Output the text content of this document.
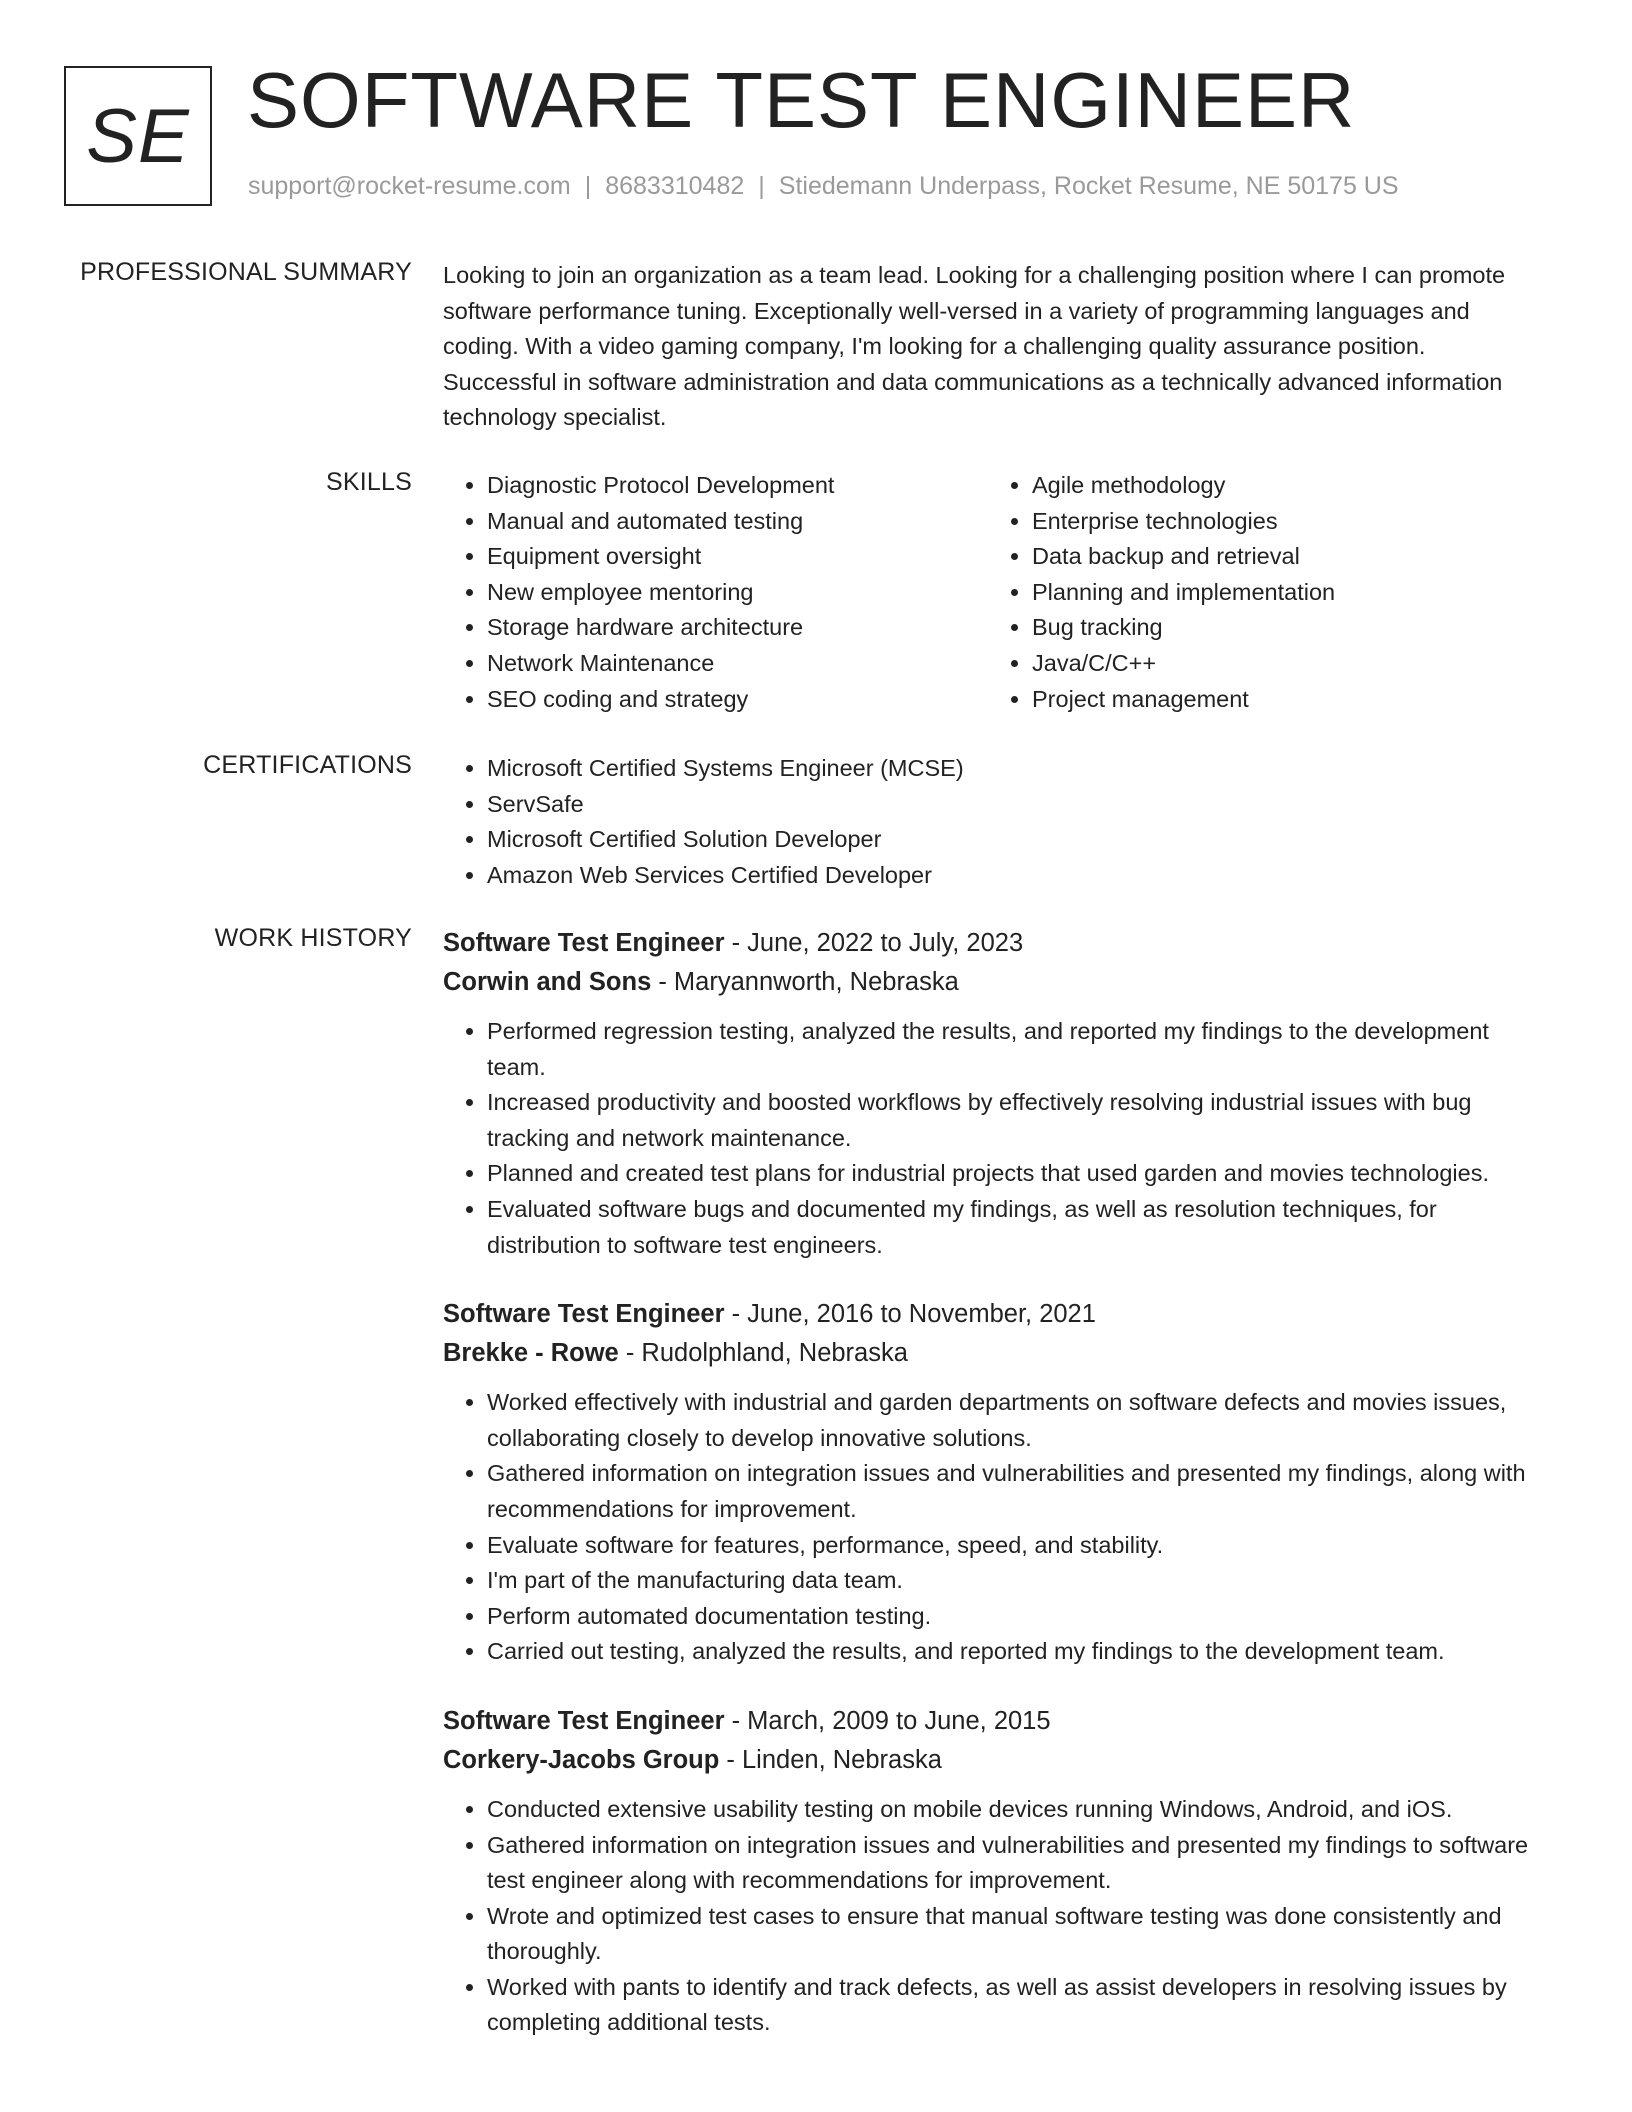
SE SOFTWARE TEST ENGINEER
support@rocket-resume.com | 8683310482 | Stiedemann Underpass, Rocket Resume, NE 50175 US
PROFESSIONAL SUMMARY Looking to join an organization as a team lead. Looking for a challenging position where I can promote software performance tuning. Exceptionally well-versed in a variety of programming languages and coding. With a video gaming company, I'm looking for a challenging quality assurance position. Successful in software administration and data communications as a technically advanced information technology specialist.

SKILLS	• Diagnostic Protocol Development
• Manual and automated testing
• Equipment oversight
• New employee mentoring
• Storage hardware architecture
• Network Maintenance
• SEO coding and strategy
• Agile methodology
• Enterprise technologies
• Data backup and retrieval
• Planning and implementation
• Bug tracking
• Java/C/C++
• Project management
CERTIFICATIONS	• Microsoft Certified Systems Engineer (MCSE)
• ServSafe
• Microsoft Certified Solution Developer
• Amazon Web Services Certified Developer
WORK HISTORY Software Test Engineer - June, 2022 to July, 2023
Corwin and Sons - Maryannworth, Nebraska
• Performed regression testing, analyzed the results, and reported my findings to the development team.
• Increased productivity and boosted workflows by effectively resolving industrial issues with bug tracking and network maintenance.
• Planned and created test plans for industrial projects that used garden and movies technologies.
• Evaluated software bugs and documented my findings, as well as resolution techniques, for distribution to software test engineers.
Software Test Engineer - June, 2016 to November, 2021
Brekke - Rowe - Rudolphland, Nebraska
• Worked effectively with industrial and garden departments on software defects and movies issues, collaborating closely to develop innovative solutions.
• Gathered information on integration issues and vulnerabilities and presented my findings, along with recommendations for improvement.
• Evaluate software for features, performance, speed, and stability.
• I'm part of the manufacturing data team.
• Perform automated documentation testing.
• Carried out testing, analyzed the results, and reported my findings to the development team.
Software Test Engineer - March, 2009 to June, 2015
Corkery-Jacobs Group - Linden, Nebraska
• Conducted extensive usability testing on mobile devices running Windows, Android, and iOS.
• Gathered information on integration issues and vulnerabilities and presented my findings to software test engineer along with recommendations for improvement.
• Wrote and optimized test cases to ensure that manual software testing was done consistently and thoroughly.
• Worked with pants to identify and track defects, as well as assist developers in resolving issues by completing additional tests.
